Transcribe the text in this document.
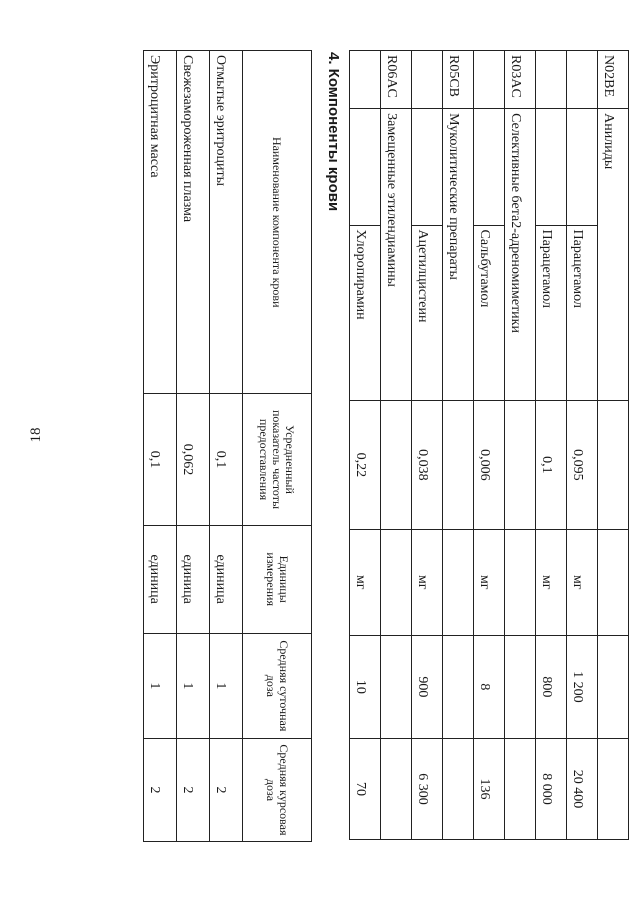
18
N02BE	Анилиды					
		Парацетамол	0,095	мг	1 200	20 400
		Парацетамол	0,1	мг	800	8 000
R03AC	Селективные бета2-адреномиметики					
		Сальбутамол	0,006	мг	8	136
R05CB	Муколитические препараты					
		Ацетилцистеин	0,038	мг	900	6 300
R06AC	Замещенные этилендиамины					
		Хлоропирамин	0,22	мг	10	70
4. Компоненты крови
Наименование компонента крови	Усредненный показатель частоты предоставления	Единицы измерения	Средняя суточная доза	Средняя курсовая доза
Отмытые эритроциты	0,1	единица	1	2
Свежезамороженная плазма	0,062	единица	1	2
Эритроцитная масса	0,1	единица	1	2
